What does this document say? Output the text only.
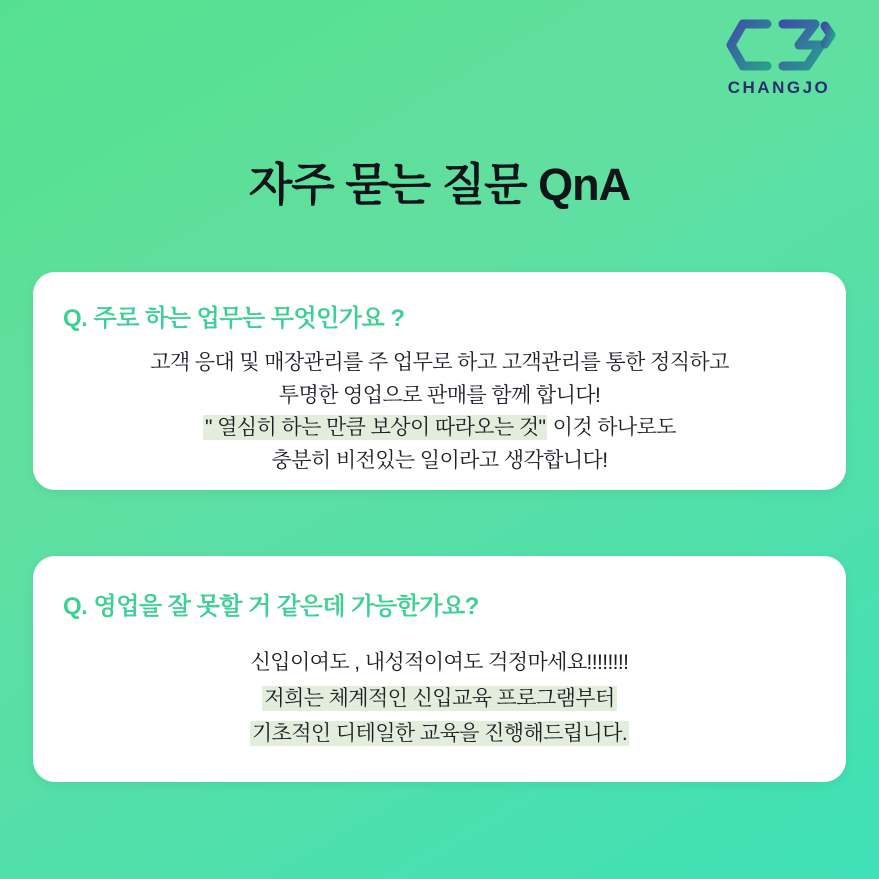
CHANGJO
자주 묻는 질문 QnA
Q. 주로 하는 업무는 무엇인가요 ?

고객 응대 및 매장관리를 주 업무로 하고 고객관리를 통한 정직하고
투명한 영업으로 판매를 함께 합니다!
" 열심히 하는 만큼 보상이 따라오는 것" 이것 하나로도
충분히 비전있는 일이라고 생각합니다!

Q. 영업을 잘 못할 거 같은데 가능한가요?

신입이여도 , 내성적이여도 걱정마세요!!!!!!!!
저희는 체계적인 신입교육 프로그램부터
기초적인 디테일한 교육을 진행해드립니다.
